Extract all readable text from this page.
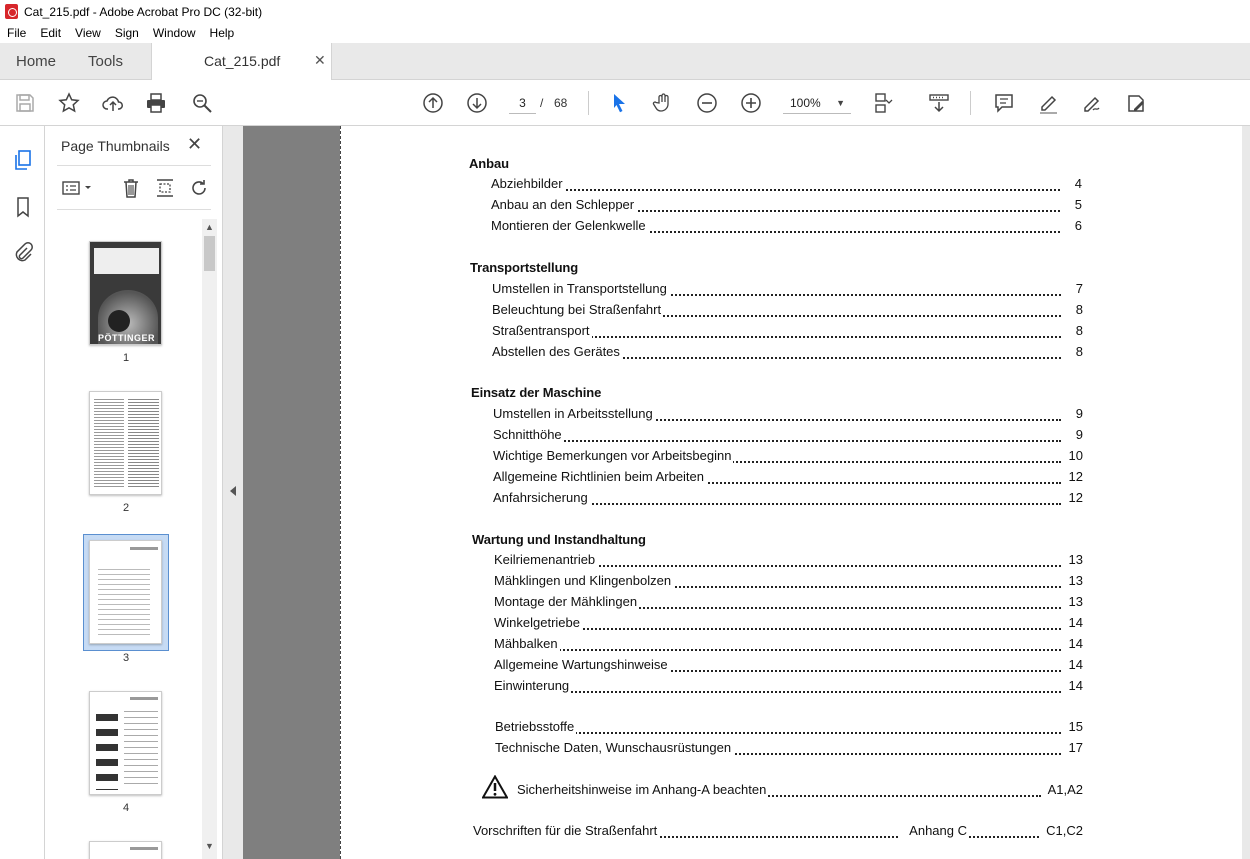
Cat_215.pdf - Adobe Acrobat Pro DC (32-bit)
File Edit View Sign Window Help
Home Tools	Cat_215.pdf ✕
3	/ 68	100% ▼
Page Thumbnails ✕
PÖTTINGER
1
2
3
4
▲
▼
Anbau
Abziehbilder	4
Anbau an den Schlepper	5
Montieren der Gelenkwelle	6
Transportstellung
Umstellen in Transportstellung	7
Beleuchtung bei Straßenfahrt	8
Straßentransport	8
Abstellen des Gerätes	8
Einsatz der Maschine
Umstellen in Arbeitsstellung	9
Schnitthöhe	9
Wichtige Bemerkungen vor Arbeitsbeginn	10
Allgemeine Richtlinien beim Arbeiten	12
Anfahrsicherung	12
Wartung und Instandhaltung
Keilriemenantrieb	13
Mähklingen und Klingenbolzen	13
Montage der Mähklingen	13
Winkelgetriebe	14
Mähbalken	14
Allgemeine Wartungshinweise	14
Einwinterung	14
Betriebsstoffe	15
Technische Daten, Wunschausrüstungen	17
Sicherheitshinweise im Anhang-A beachten	A1,A2
Vorschriften für die Straßenfahrt	Anhang C	C1,C2
